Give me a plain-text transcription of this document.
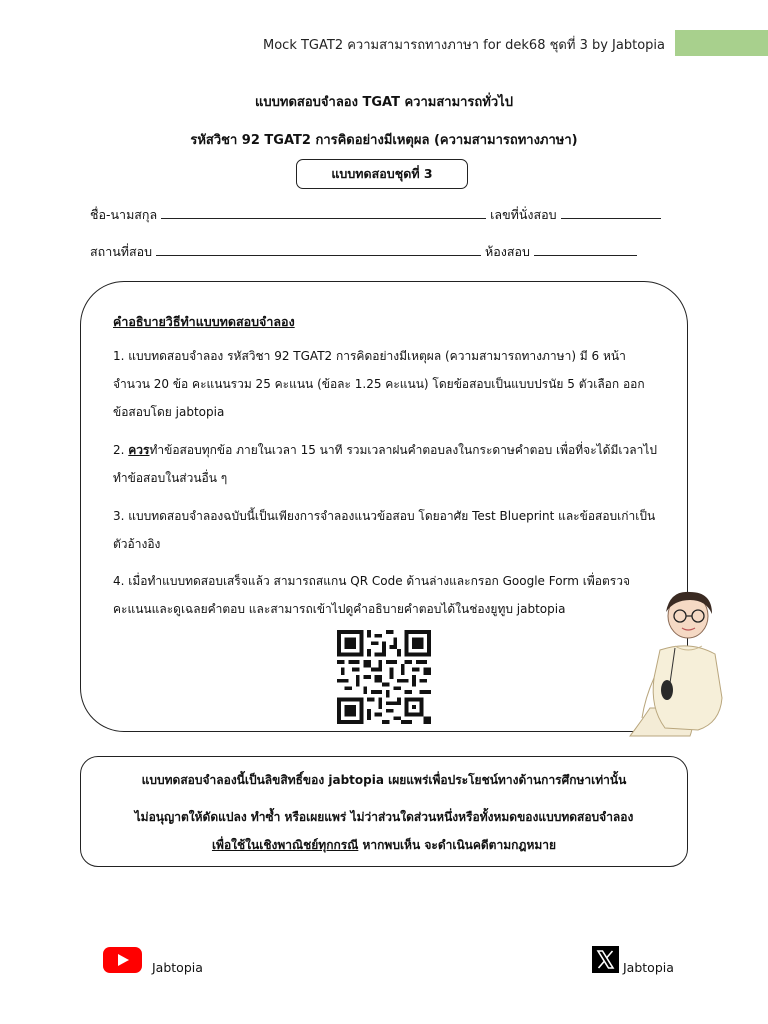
Mock TGAT2 ความสามารถทางภาษา for dek68 ชุดที่ 3 by Jabtopia
แบบทดสอบจำลอง TGAT ความสามารถทั่วไป
รหัสวิชา 92 TGAT2 การคิดอย่างมีเหตุผล (ความสามารถทางภาษา)
แบบทดสอบชุดที่ 3
ชื่อ-นามสกุล	เลขที่นั่งสอบ
สถานที่สอบ	ห้องสอบ
คำอธิบายวิธีทำแบบทดสอบจำลอง
1. แบบทดสอบจำลอง รหัสวิชา 92 TGAT2 การคิดอย่างมีเหตุผล (ความสามารถทางภาษา) มี 6 หน้า จำนวน 20 ข้อ คะแนนรวม 25 คะแนน (ข้อละ 1.25 คะแนน) โดยข้อสอบเป็นแบบปรนัย 5 ตัวเลือก ออกข้อสอบโดย jabtopia
2. ควรทำข้อสอบทุกข้อ ภายในเวลา 15 นาที รวมเวลาฝนคำตอบลงในกระดาษคำตอบ เพื่อที่จะได้มีเวลาไปทำข้อสอบในส่วนอื่น ๆ
3. แบบทดสอบจำลองฉบับนี้เป็นเพียงการจำลองแนวข้อสอบ โดยอาศัย Test Blueprint และข้อสอบเก่าเป็นตัวอ้างอิง
4. เมื่อทำแบบทดสอบเสร็จแล้ว สามารถสแกน QR Code ด้านล่างและกรอก Google Form เพื่อตรวจคะแนนและดูเฉลยคำตอบ และสามารถเข้าไปดูคำอธิบายคำตอบได้ในช่องยูทูบ jabtopia
แบบทดสอบจำลองนี้เป็นลิขสิทธิ์ของ jabtopia เผยแพร่เพื่อประโยชน์ทางด้านการศึกษาเท่านั้น
ไม่อนุญาตให้ดัดแปลง ทำซ้ำ หรือเผยแพร่ ไม่ว่าส่วนใดส่วนหนึ่งหรือทั้งหมดของแบบทดสอบจำลอง
เพื่อใช้ในเชิงพาณิชย์ทุกกรณี หากพบเห็น จะดำเนินคดีตามกฎหมาย
Jabtopia	Jabtopia
